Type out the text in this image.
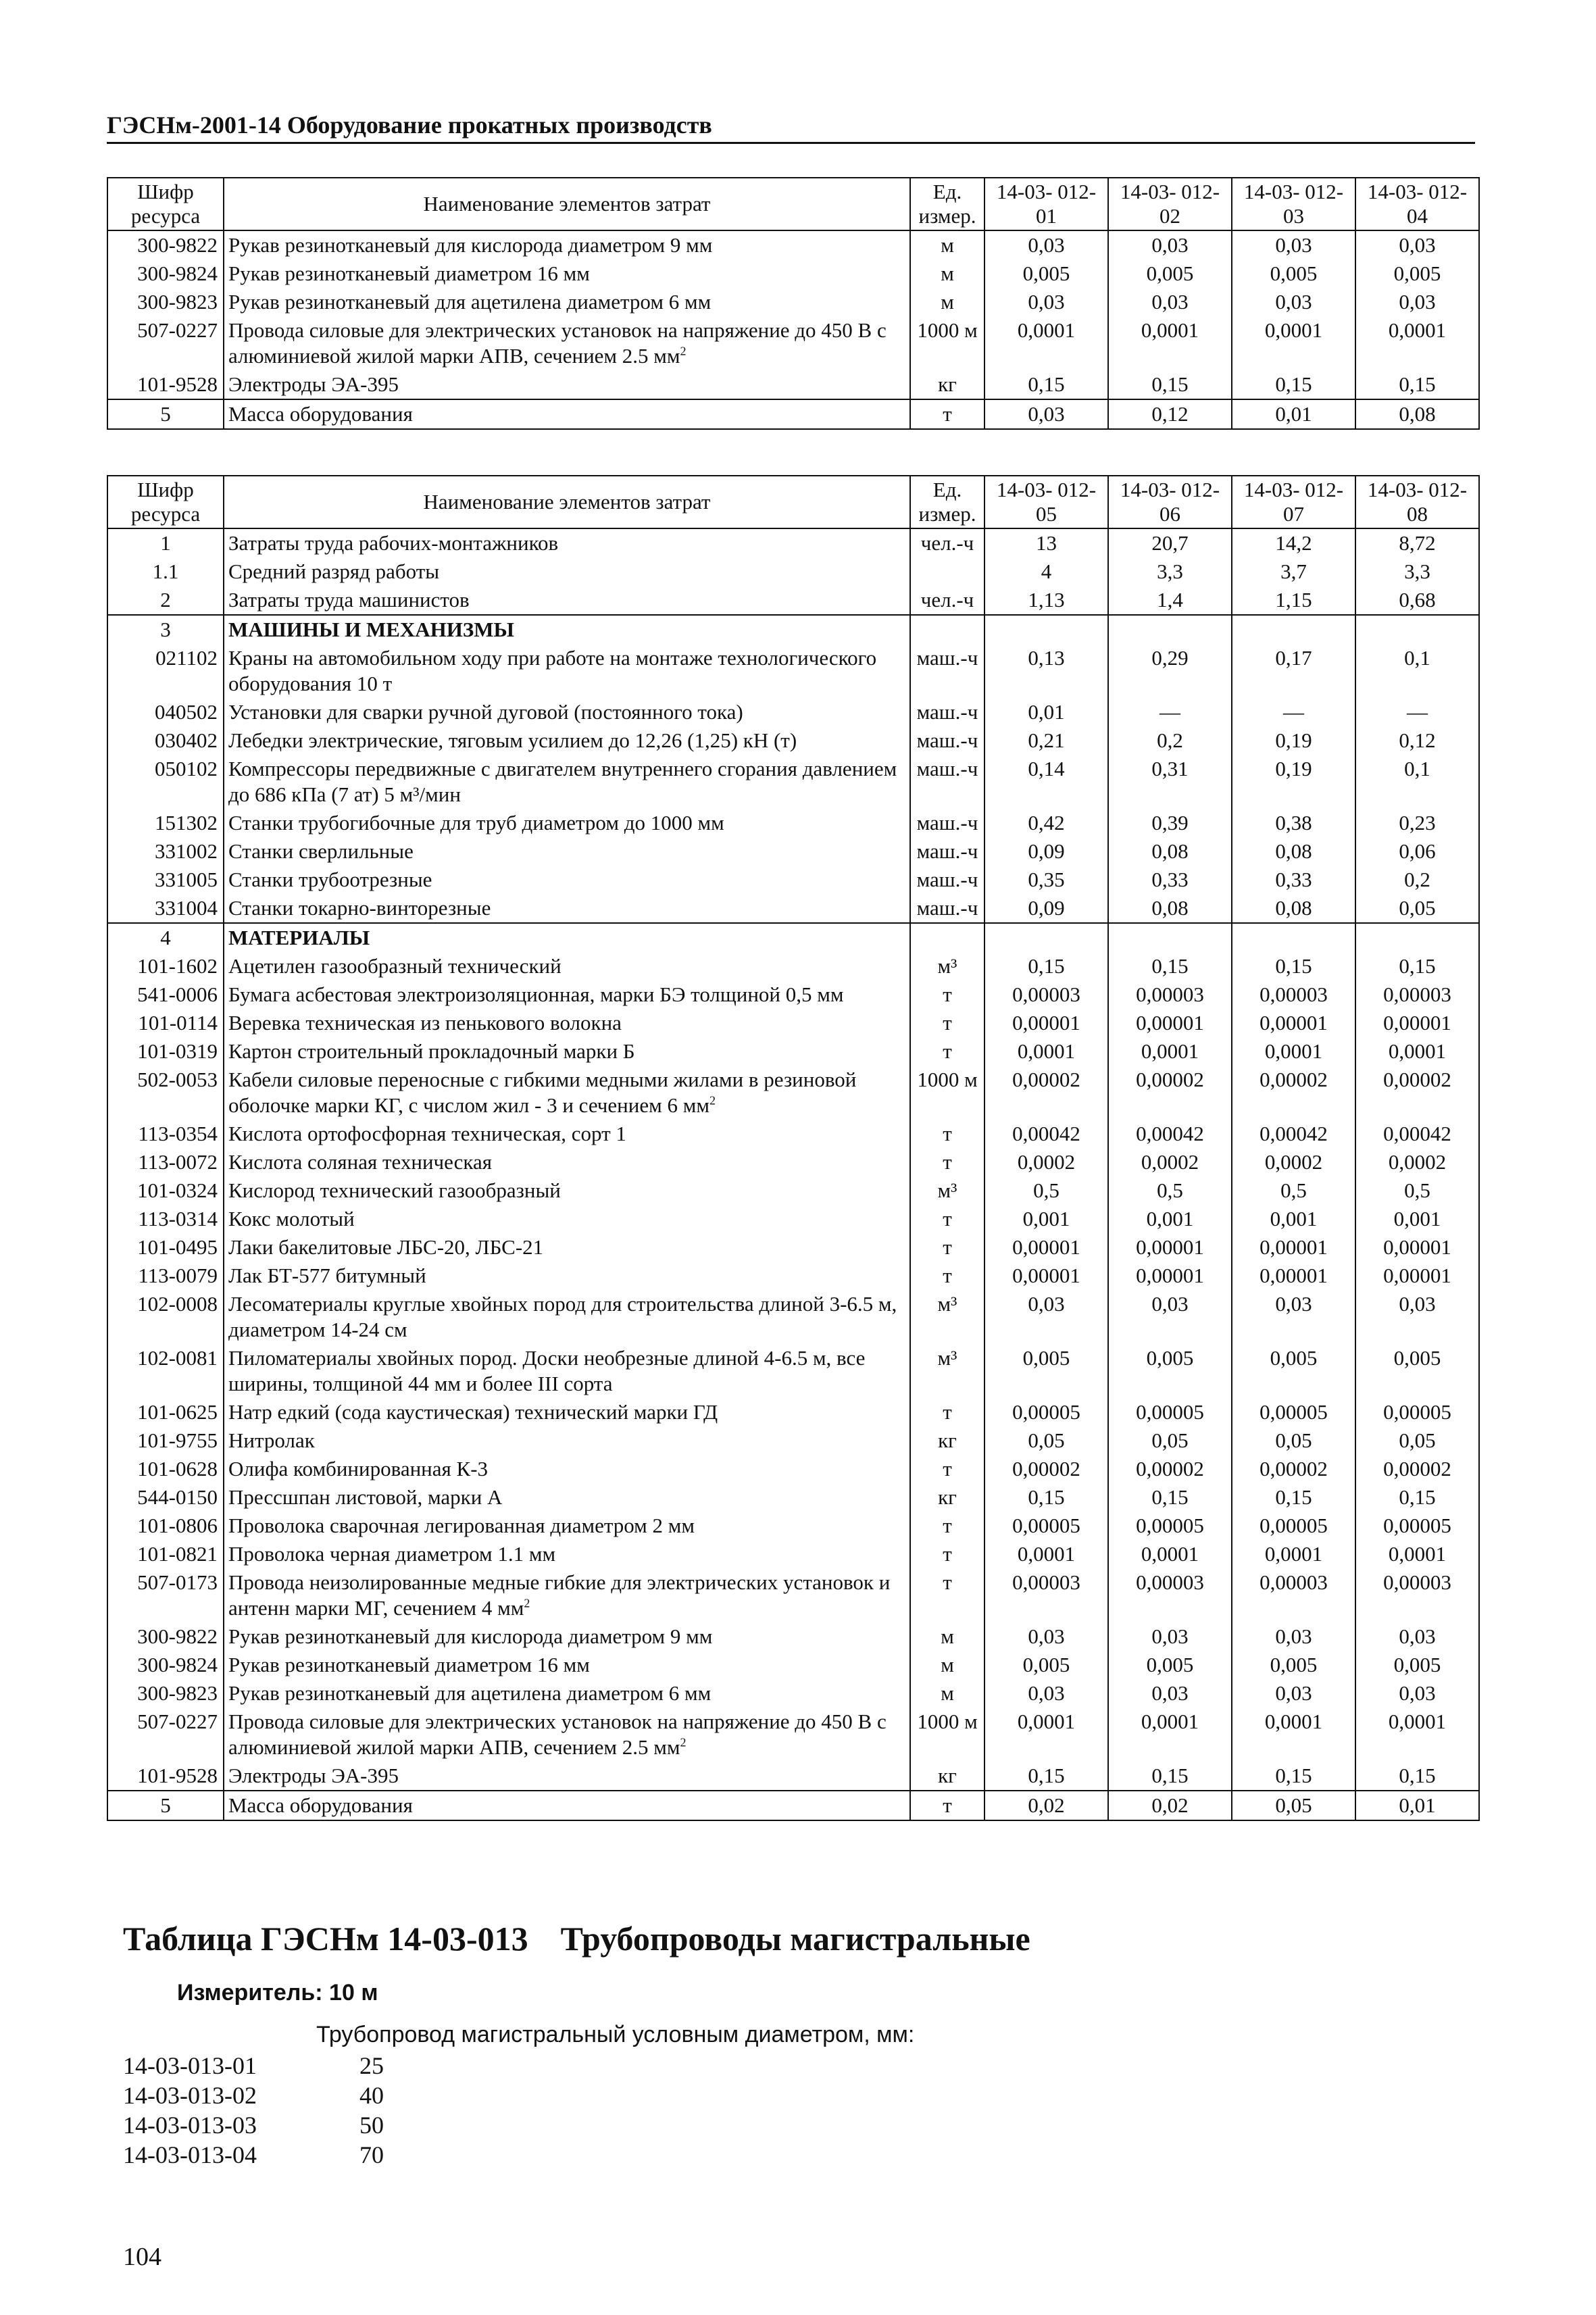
ГЭСНм-2001-14 Оборудование прокатных производств
Шифр ресурса	Наименование элементов затрат	Ед. измер.	14-03- 012-01	14-03- 012-02	14-03- 012-03	14-03- 012-04
300-9822	Рукав резинотканевый для кислорода диаметром 9 мм	м	0,03	0,03	0,03	0,03
300-9824	Рукав резинотканевый диаметром 16 мм	м	0,005	0,005	0,005	0,005
300-9823	Рукав резинотканевый для ацетилена диаметром 6 мм	м	0,03	0,03	0,03	0,03
507-0227	Провода силовые для электрических установок на напряжение до 450 В с алюминиевой жилой марки АПВ, сечением 2.5 $мм^2$	1000 м	0,0001	0,0001	0,0001	0,0001
101-9528	Электроды ЭА-395	кг	0,15	0,15	0,15	0,15
5	Масса оборудования	т	0,03	0,12	0,01	0,08
Шифр ресурса	Наименование элементов затрат	Ед. измер.	14-03- 012-05	14-03- 012-06	14-03- 012-07	14-03- 012-08
1	Затраты труда рабочих-монтажников	чел.-ч	13	20,7	14,2	8,72
1.1	Средний разряд работы		4	3,3	3,7	3,3
2	Затраты труда машинистов	чел.-ч	1,13	1,4	1,15	0,68
3	МАШИНЫ И МЕХАНИЗМЫ					
021102	Краны на автомобильном ходу при работе на монтаже технологического оборудования 10 т	маш.-ч	0,13	0,29	0,17	0,1
040502	Установки для сварки ручной дуговой (постоянного тока)	маш.-ч	0,01	—	—	—
030402	Лебедки электрические, тяговым усилием до 12,26 (1,25) кН (т)	маш.-ч	0,21	0,2	0,19	0,12
050102	Компрессоры передвижные с двигателем внутреннего сгорания давлением до 686 кПа (7 ат) 5 м³/мин	маш.-ч	0,14	0,31	0,19	0,1
151302	Станки трубогибочные для труб диаметром до 1000 мм	маш.-ч	0,42	0,39	0,38	0,23
331002	Станки сверлильные	маш.-ч	0,09	0,08	0,08	0,06
331005	Станки трубоотрезные	маш.-ч	0,35	0,33	0,33	0,2
331004	Станки токарно-винторезные	маш.-ч	0,09	0,08	0,08	0,05
4	МАТЕРИАЛЫ					
101-1602	Ацетилен газообразный технический	м³	0,15	0,15	0,15	0,15
541-0006	Бумага асбестовая электроизоляционная, марки БЭ толщиной 0,5 мм	т	0,00003	0,00003	0,00003	0,00003
101-0114	Веревка техническая из пенькового волокна	т	0,00001	0,00001	0,00001	0,00001
101-0319	Картон строительный прокладочный марки Б	т	0,0001	0,0001	0,0001	0,0001
502-0053	Кабели силовые переносные с гибкими медными жилами в резиновой оболочке марки КГ, с числом жил - 3 и сечением 6 $мм^2$	1000 м	0,00002	0,00002	0,00002	0,00002
113-0354	Кислота ортофосфорная техническая, сорт 1	т	0,00042	0,00042	0,00042	0,00042
113-0072	Кислота соляная техническая	т	0,0002	0,0002	0,0002	0,0002
101-0324	Кислород технический газообразный	м³	0,5	0,5	0,5	0,5
113-0314	Кокс молотый	т	0,001	0,001	0,001	0,001
101-0495	Лаки бакелитовые ЛБС-20, ЛБС-21	т	0,00001	0,00001	0,00001	0,00001
113-0079	Лак БТ-577 битумный	т	0,00001	0,00001	0,00001	0,00001
102-0008	Лесоматериалы круглые хвойных пород для строительства длиной 3-6.5 м, диаметром 14-24 см	м³	0,03	0,03	0,03	0,03
102-0081	Пиломатериалы хвойных пород. Доски необрезные длиной 4-6.5 м, все ширины, толщиной 44 мм и более III сорта	м³	0,005	0,005	0,005	0,005
101-0625	Натр едкий (сода каустическая) технический марки ГД	т	0,00005	0,00005	0,00005	0,00005
101-9755	Нитролак	кг	0,05	0,05	0,05	0,05
101-0628	Олифа комбинированная К-3	т	0,00002	0,00002	0,00002	0,00002
544-0150	Прессшпан листовой, марки А	кг	0,15	0,15	0,15	0,15
101-0806	Проволока сварочная легированная диаметром 2 мм	т	0,00005	0,00005	0,00005	0,00005
101-0821	Проволока черная диаметром 1.1 мм	т	0,0001	0,0001	0,0001	0,0001
507-0173	Провода неизолированные медные гибкие для электрических установок и антенн марки МГ, сечением 4 $мм^2$	т	0,00003	0,00003	0,00003	0,00003
300-9822	Рукав резинотканевый для кислорода диаметром 9 мм	м	0,03	0,03	0,03	0,03
300-9824	Рукав резинотканевый диаметром 16 мм	м	0,005	0,005	0,005	0,005
300-9823	Рукав резинотканевый для ацетилена диаметром 6 мм	м	0,03	0,03	0,03	0,03
507-0227	Провода силовые для электрических установок на напряжение до 450 В с алюминиевой жилой марки АПВ, сечением 2.5 $мм^2$	1000 м	0,0001	0,0001	0,0001	0,0001
101-9528	Электроды ЭА-395	кг	0,15	0,15	0,15	0,15
5	Масса оборудования	т	0,02	0,02	0,05	0,01
Таблица ГЭСНм 14-03-013 Трубопроводы магистральные
Измеритель: 10 м
Трубопровод магистральный условным диаметром, мм:
14-03-013-01	25
14-03-013-02	40
14-03-013-03	50
14-03-013-04	70
104
